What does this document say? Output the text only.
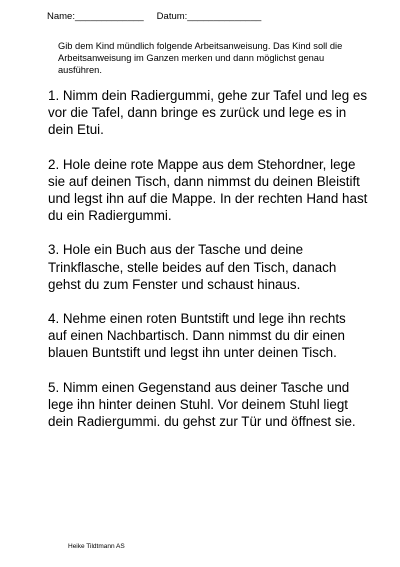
Name:_____________ Datum:______________
Gib dem Kind mündlich folgende Arbeitsanweisung. Das Kind soll die Arbeitsanweisung im Ganzen merken und dann möglichst genau ausführen.

1. Nimm dein Radiergummi, gehe zur Tafel und leg es vor die Tafel, dann bringe es zurück und lege es in dein Etui.

2. Hole deine rote Mappe aus dem Stehordner, lege sie auf deinen Tisch, dann nimmst du deinen Bleistift und legst ihn auf die Mappe. In der rechten Hand hast du ein Radiergummi.

3. Hole ein Buch aus der Tasche und deine Trinkflasche, stelle beides auf den Tisch, danach gehst du zum Fenster und schaust hinaus.

4. Nehme einen roten Buntstift und lege ihn rechts auf einen Nachbartisch. Dann nimmst du dir einen blauen Buntstift und legst ihn unter deinen Tisch.

5. Nimm einen Gegenstand aus deiner Tasche und lege ihn hinter deinen Stuhl. Vor deinem Stuhl liegt dein Radiergummi. du gehst zur Tür und öffnest sie.

Heike Tildtmann AS
